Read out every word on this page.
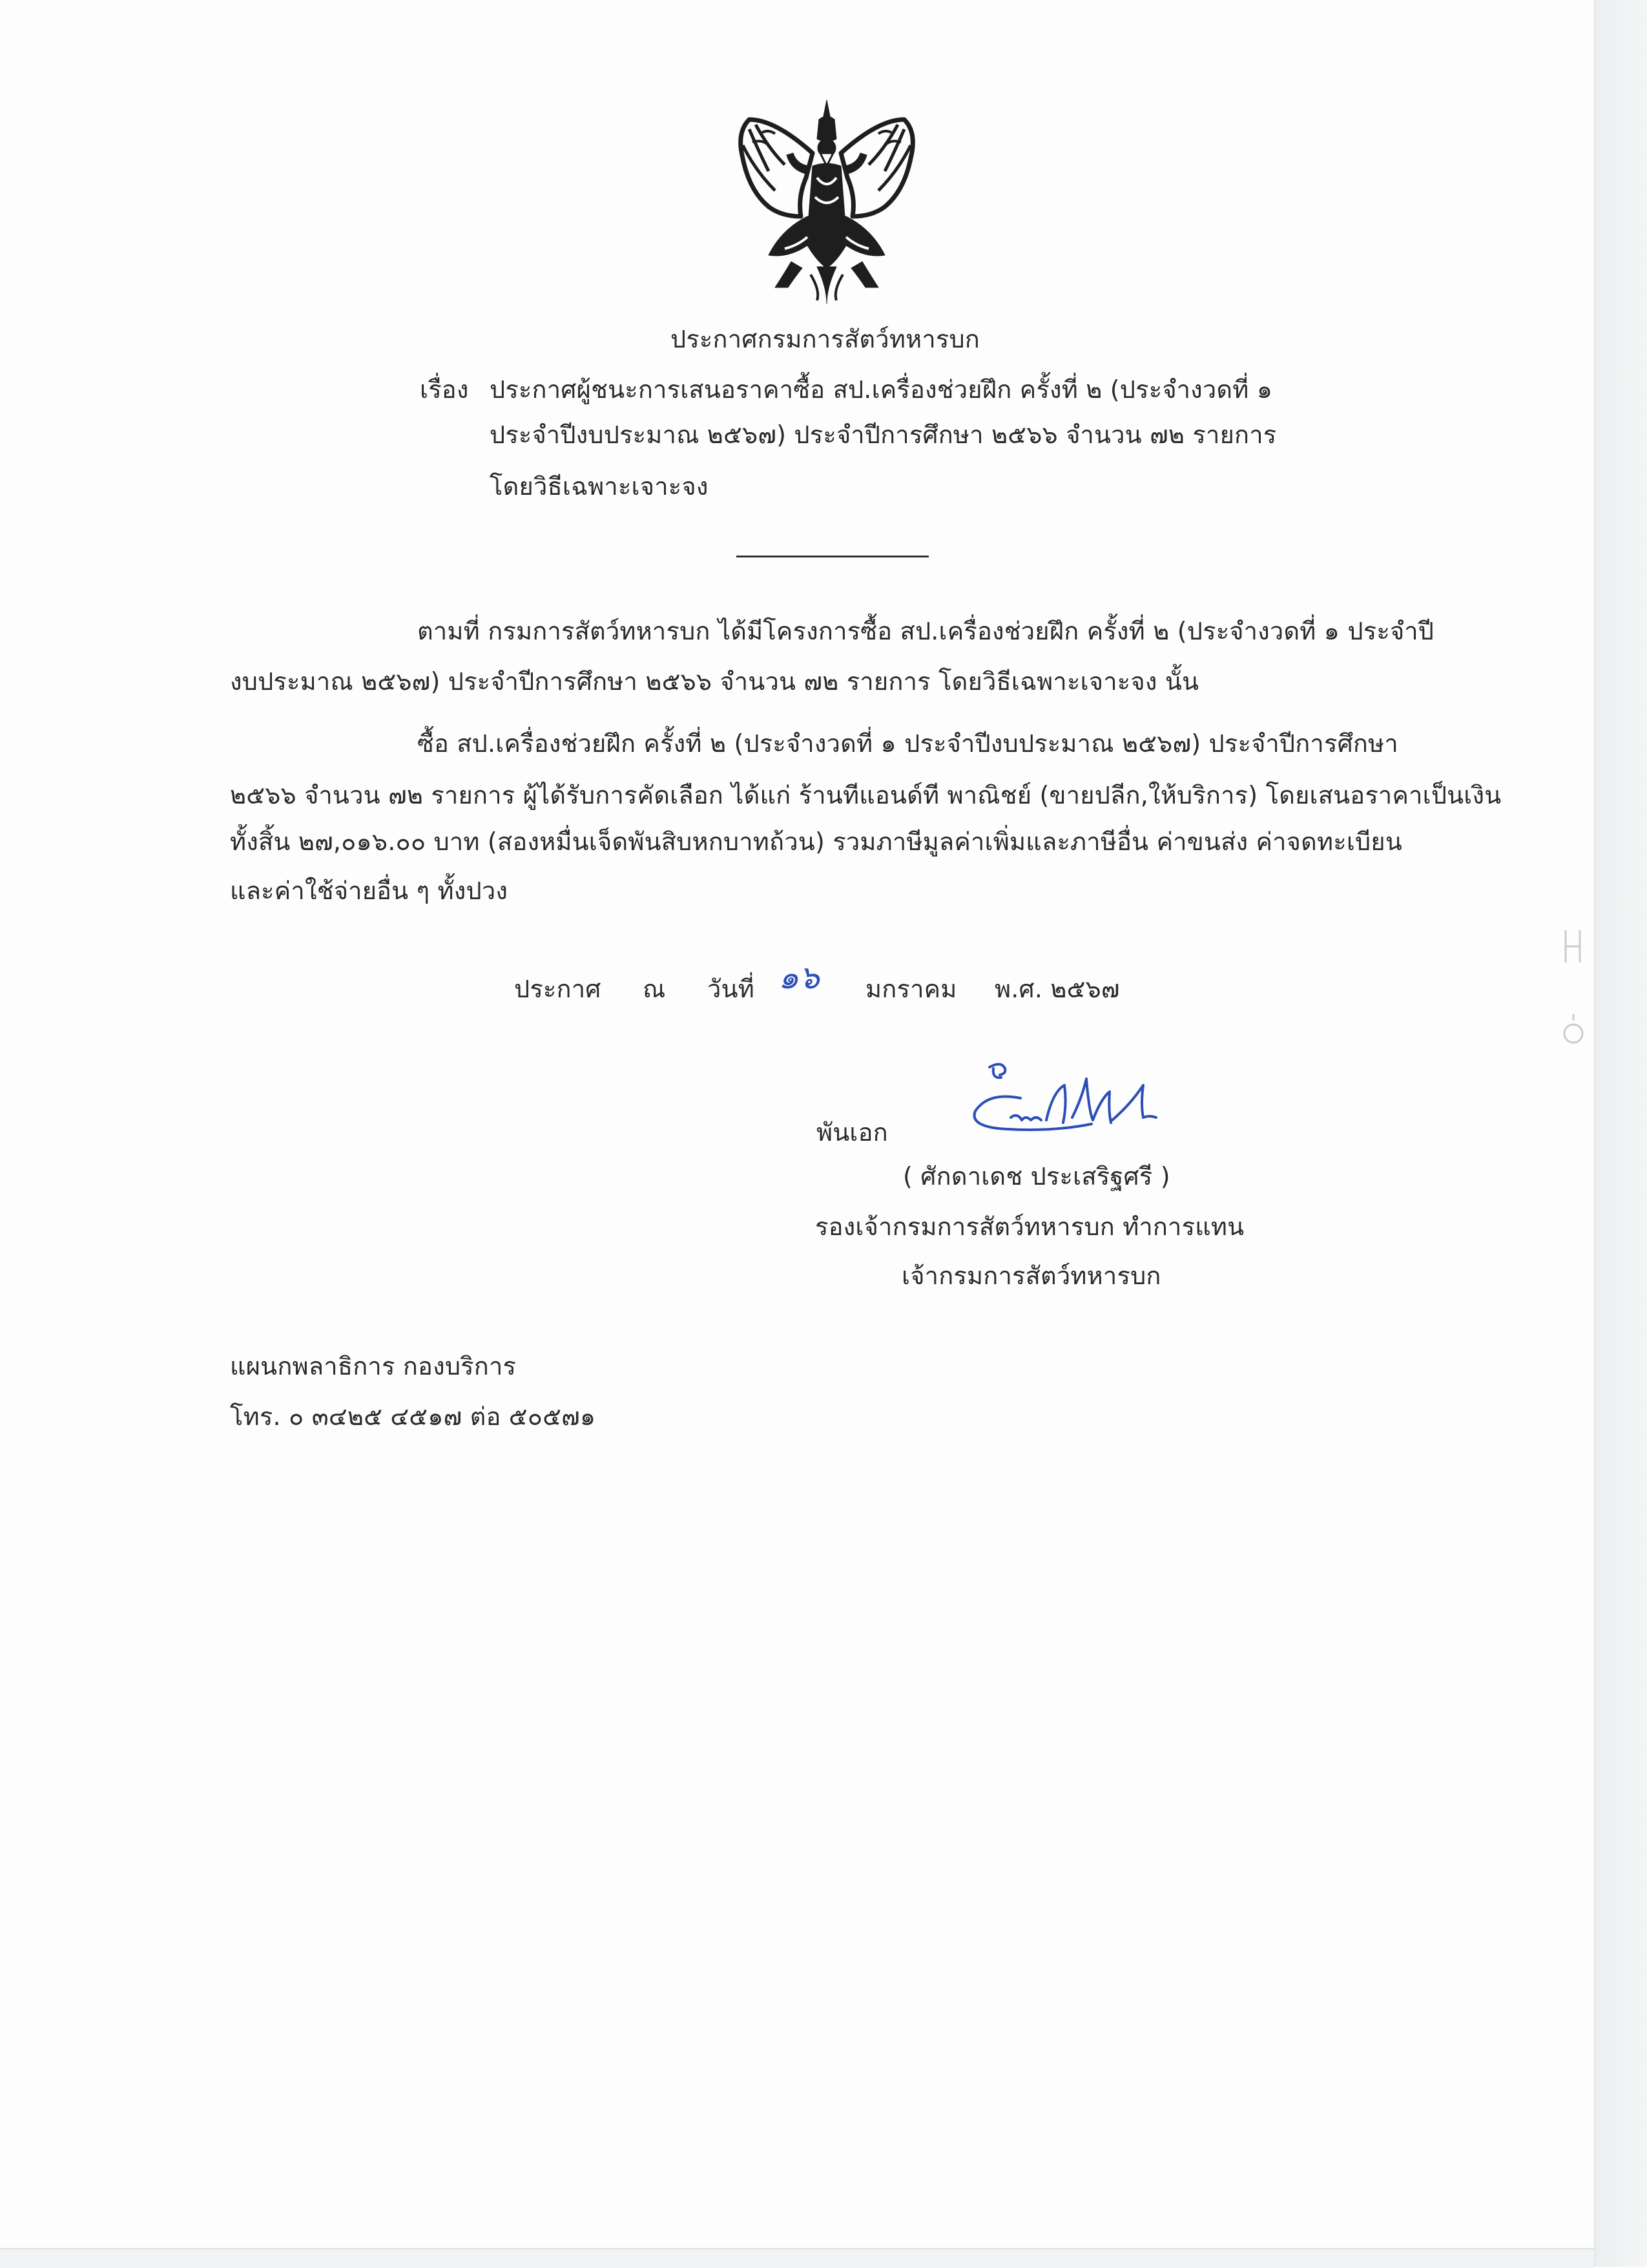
ประกาศกรมการสัตว์ทหารบก
เรื่อง ประกาศผู้ชนะการเสนอราคาซื้อ สป.เครื่องช่วยฝึก ครั้งที่ ๒ (ประจำงวดที่ ๑
ประจำปีงบประมาณ ๒๕๖๗) ประจำปีการศึกษา ๒๕๖๖ จำนวน ๗๒ รายการ
โดยวิธีเฉพาะเจาะจง
ตามที่ กรมการสัตว์ทหารบก ได้มีโครงการซื้อ สป.เครื่องช่วยฝึก ครั้งที่ ๒ (ประจำงวดที่ ๑ ประจำปี
งบประมาณ ๒๕๖๗) ประจำปีการศึกษา ๒๕๖๖ จำนวน ๗๒ รายการ โดยวิธีเฉพาะเจาะจง นั้น
ซื้อ สป.เครื่องช่วยฝึก ครั้งที่ ๒ (ประจำงวดที่ ๑ ประจำปีงบประมาณ ๒๕๖๗) ประจำปีการศึกษา
๒๕๖๖ จำนวน ๗๒ รายการ ผู้ได้รับการคัดเลือก ได้แก่ ร้านทีแอนด์ที พาณิชย์ (ขายปลีก,ให้บริการ) โดยเสนอราคาเป็นเงิน
ทั้งสิ้น ๒๗,๐๑๖.๐๐ บาท (สองหมื่นเจ็ดพันสิบหกบาทถ้วน) รวมภาษีมูลค่าเพิ่มและภาษีอื่น ค่าขนส่ง ค่าจดทะเบียน
และค่าใช้จ่ายอื่น ๆ ทั้งปวง
ประกาศ ณ วันที่ ๑๖ มกราคม พ.ศ. ๒๕๖๗
พันเอก
( ศักดาเดช ประเสริฐศรี )
รองเจ้ากรมการสัตว์ทหารบก ทำการแทน
เจ้ากรมการสัตว์ทหารบก
แผนกพลาธิการ กองบริการ
โทร. ๐ ๓๔๒๕ ๔๕๑๗ ต่อ ๕๐๕๗๑
